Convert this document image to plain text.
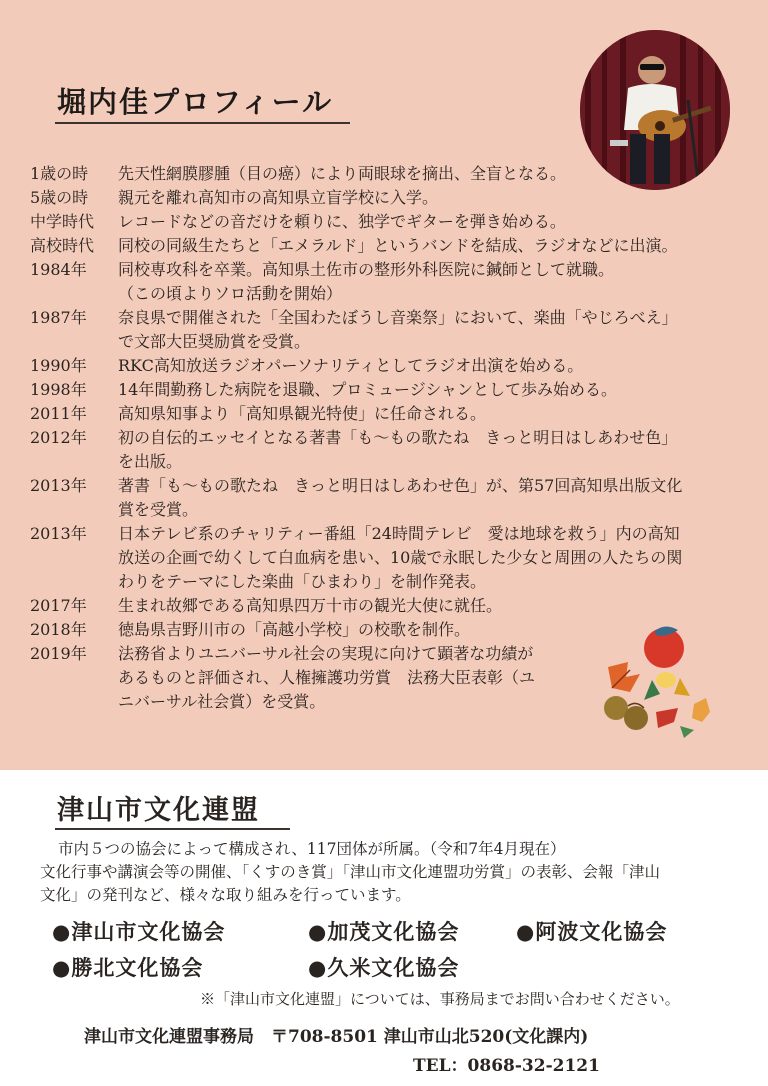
堀内佳プロフィール
1歳の時	先天性網膜膠腫（目の癌）により両眼球を摘出、全盲となる。
5歳の時	親元を離れ高知市の高知県立盲学校に入学。
中学時代	レコードなどの音だけを頼りに、独学でギターを弾き始める。
高校時代	同校の同級生たちと「エメラルド」というバンドを結成、ラジオなどに出演。
1984年	同校専攻科を卒業。高知県土佐市の整形外科医院に鍼師として就職。
（この頃よりソロ活動を開始）
1987年	奈良県で開催された「全国わたぼうし音楽祭」において、楽曲「やじろべえ」
で文部大臣奨励賞を受賞。
1990年	RKC高知放送ラジオパーソナリティとしてラジオ出演を始める。
1998年	14年間勤務した病院を退職、プロミュージシャンとして歩み始める。
2011年	高知県知事より「高知県観光特使」に任命される。
2012年	初の自伝的エッセイとなる著書「も～もの歌たね　きっと明日はしあわせ色」
を出版。
2013年	著書「も～もの歌たね　きっと明日はしあわせ色」が、第57回高知県出版文化
賞を受賞。
2013年	日本テレビ系のチャリティー番組「24時間テレビ　愛は地球を救う」内の高知
放送の企画で幼くして白血病を患い、10歳で永眠した少女と周囲の人たちの関
わりをテーマにした楽曲「ひまわり」を制作発表。
2017年	生まれ故郷である高知県四万十市の観光大使に就任。
2018年	徳島県吉野川市の「高越小学校」の校歌を制作。
2019年	法務省よりユニバーサル社会の実現に向けて顕著な功績が
あるものと評価され、人権擁護功労賞　法務大臣表彰（ユ
ニバーサル社会賞）を受賞。
津山市文化連盟

市内５つの協会によって構成され、117団体が所属。（令和7年4月現在）

文化行事や講演会等の開催、「くすのき賞」「津山市文化連盟功労賞」の表彰、会報「津山

文化」の発刊など、様々な取り組みを行っています。

●津山市文化協会	●加茂文化協会	●阿波文化協会
●勝北文化協会	●久米文化協会
※「津山市文化連盟」については、事務局までお問い合わせください。
津山市文化連盟事務局　〒708-8501 津山市山北520(文化課内)
TEL：0868-32-2121
